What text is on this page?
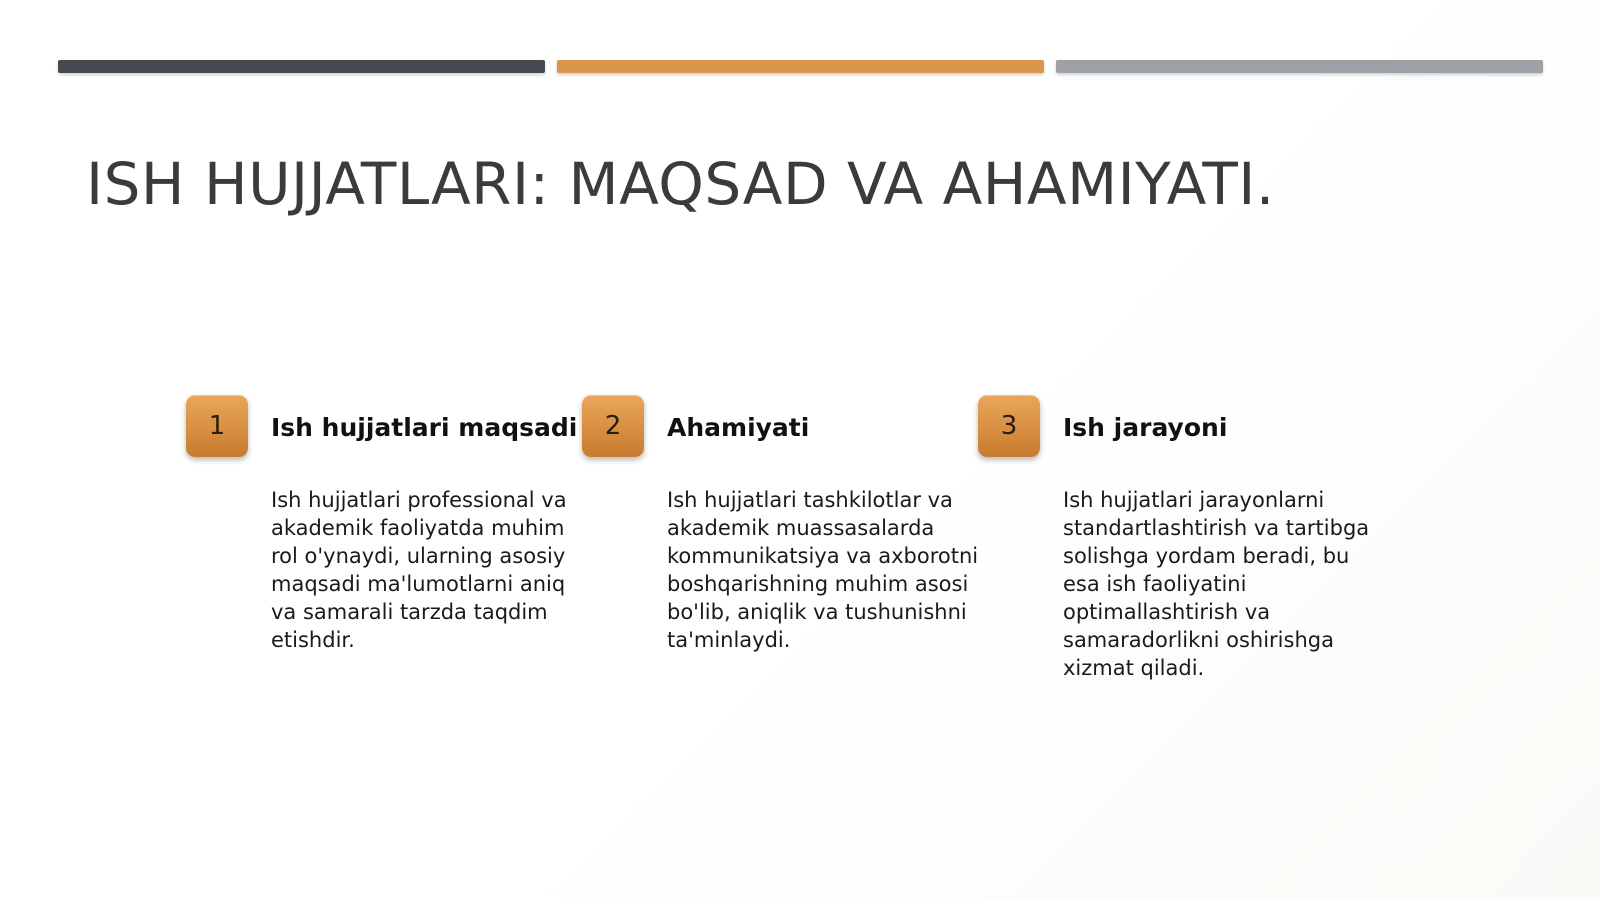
ISH HUJJATLARI: MAQSAD VA AHAMIYATI.
1	Ish hujjatlari maqsadi

Ish hujjatlari professional va akademik faoliyatda muhim rol o'ynaydi, ularning asosiy maqsadi ma'lumotlarni aniq va samarali tarzda taqdim etishdir.

2	Ahamiyati

Ish hujjatlari tashkilotlar va akademik muassasalarda kommunikatsiya va axborotni boshqarishning muhim asosi bo'lib, aniqlik va tushunishni ta'minlaydi.

3	Ish jarayoni

Ish hujjatlari jarayonlarni standartlashtirish va tartibga solishga yordam beradi, bu esa ish faoliyatini optimallashtirish va samaradorlikni oshirishga xizmat qiladi.
